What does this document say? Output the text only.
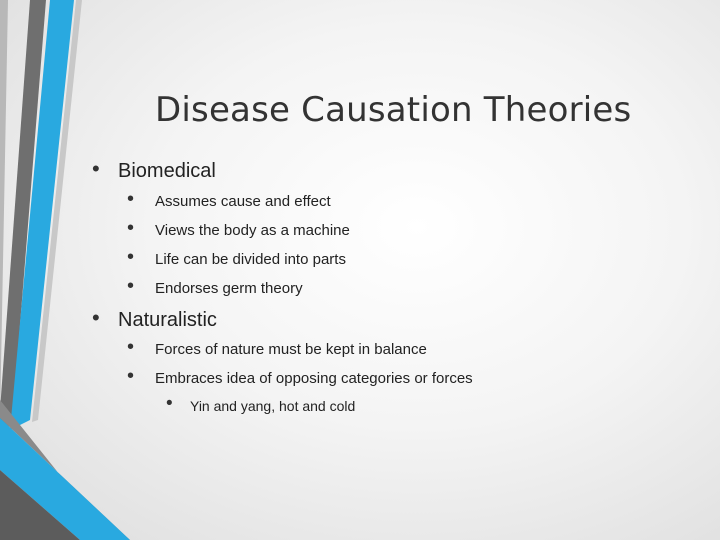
Disease Causation Theories
• Biomedical
• Assumes cause and effect
• Views the body as a machine
• Life can be divided into parts
• Endorses germ theory
• Naturalistic
• Forces of nature must be kept in balance
• Embraces idea of opposing categories or forces
• Yin and yang, hot and cold
